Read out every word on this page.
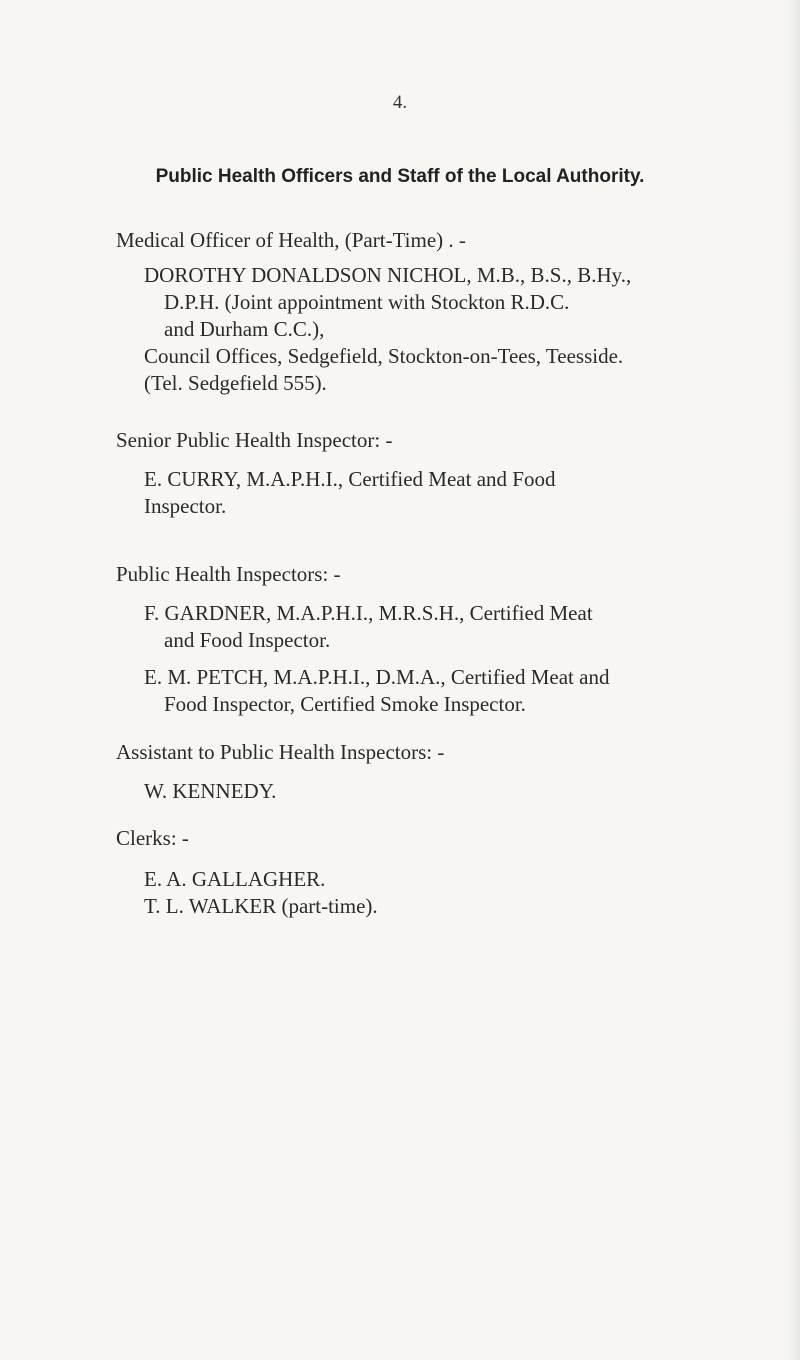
4.
Public Health Officers and Staff of the Local Authority.
Medical Officer of Health, (Part-Time) . -
DOROTHY DONALDSON NICHOL, M.B., B.S., B.Hy.,
D.P.H. (Joint appointment with Stockton R.D.C.
and Durham C.C.),
Council Offices, Sedgefield, Stockton-on-Tees, Teesside.
(Tel. Sedgefield 555).
Senior Public Health Inspector: -
E. CURRY, M.A.P.H.I., Certified Meat and Food
Inspector.
Public Health Inspectors: -
F. GARDNER, M.A.P.H.I., M.R.S.H., Certified Meat
and Food Inspector.
E. M. PETCH, M.A.P.H.I., D.M.A., Certified Meat and
Food Inspector, Certified Smoke Inspector.
Assistant to Public Health Inspectors: -
W. KENNEDY.
Clerks: -
E. A. GALLAGHER.
T. L. WALKER (part-time).
